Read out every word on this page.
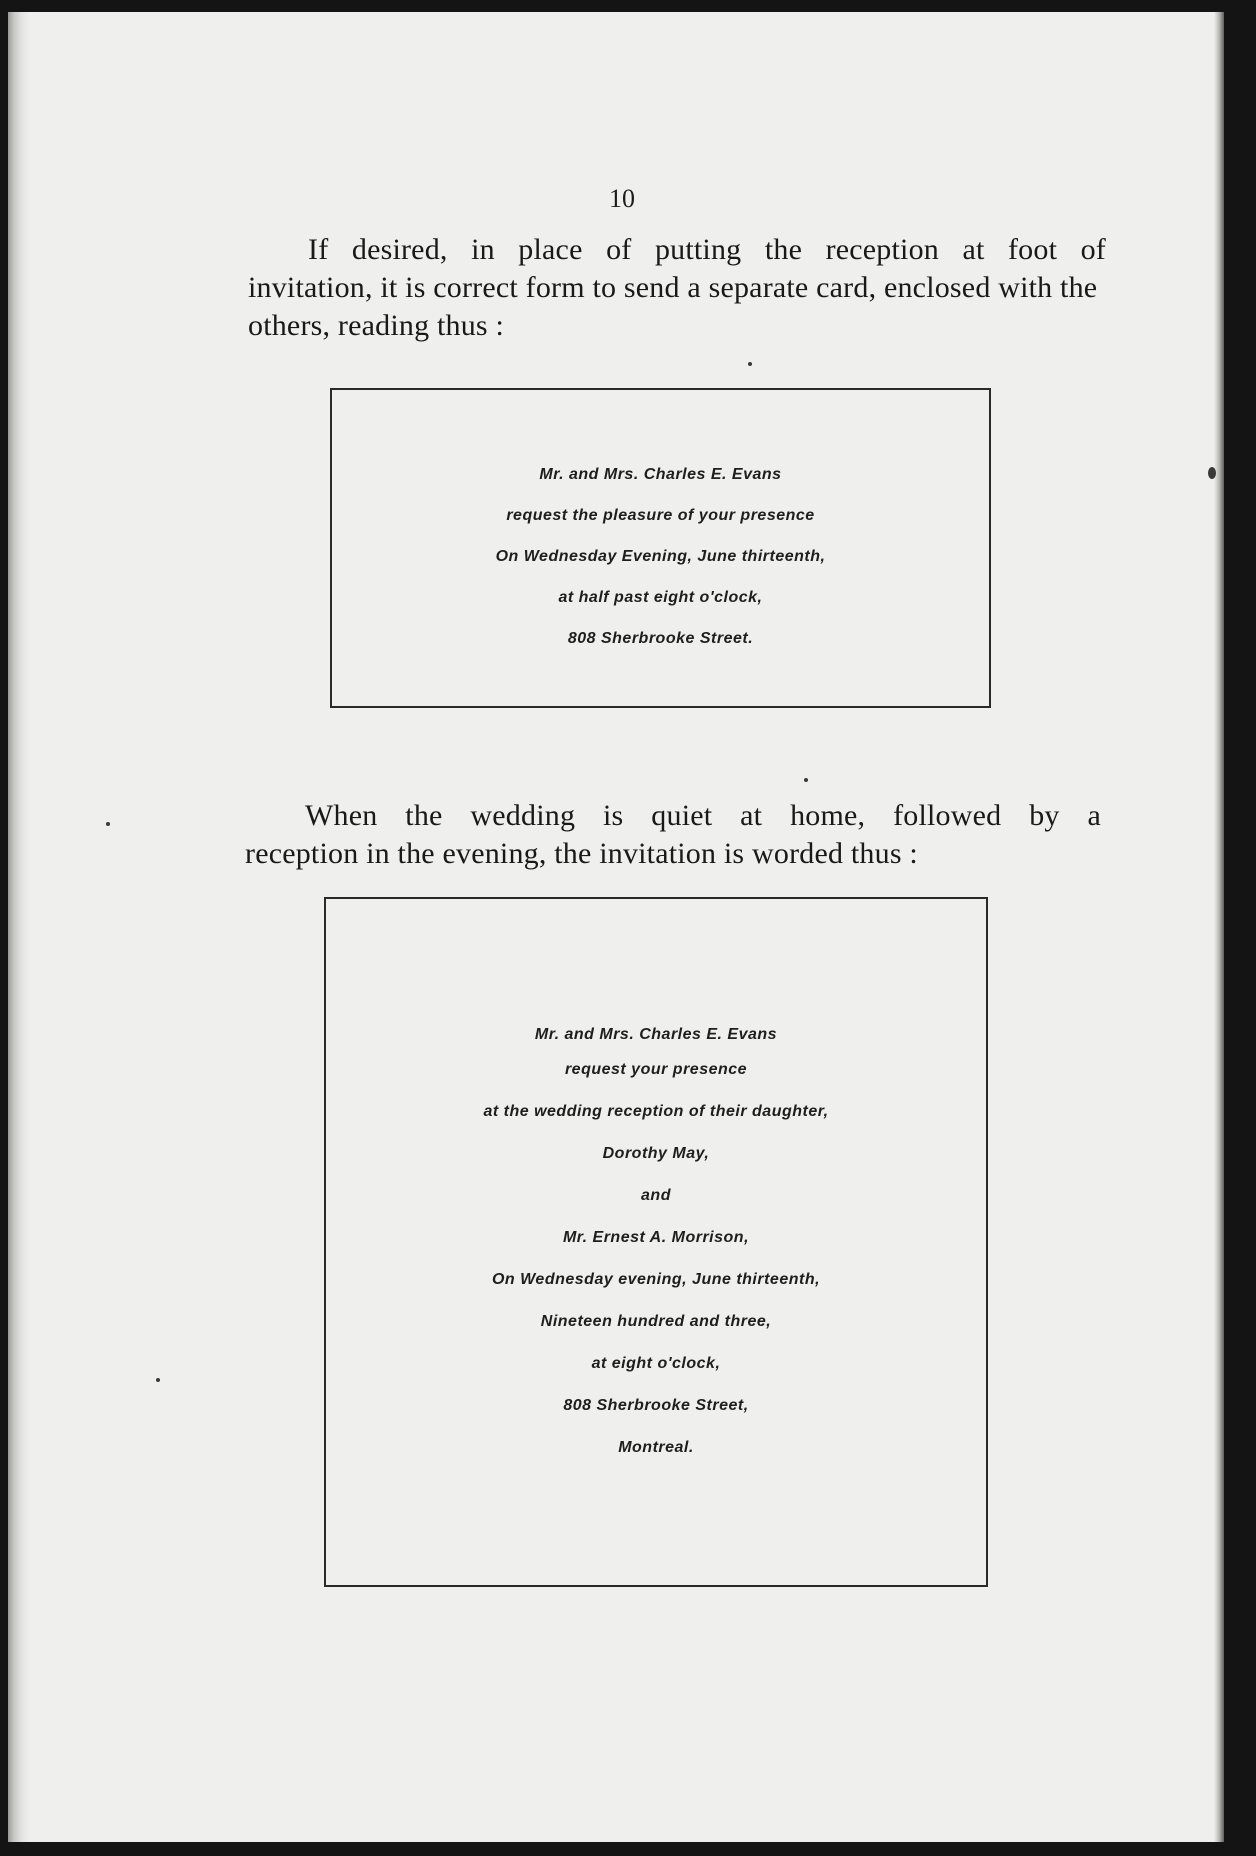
10

If desired, in place of putting the reception at foot of
invitation, it is correct form to send a separate card, enclosed with the others, reading thus :

Mr. and Mrs. Charles E. Evans
request the pleasure of your presence
On Wednesday Evening, June thirteenth,
at half past eight o'clock,
808 Sherbrooke Street.

When the wedding is quiet at home, followed by a
reception in the evening, the invitation is worded thus :

Mr. and Mrs. Charles E. Evans
request your presence
at the wedding reception of their daughter,
Dorothy May,
and
Mr. Ernest A. Morrison,
On Wednesday evening, June thirteenth,
Nineteen hundred and three,
at eight o'clock,
808 Sherbrooke Street,
Montreal.
